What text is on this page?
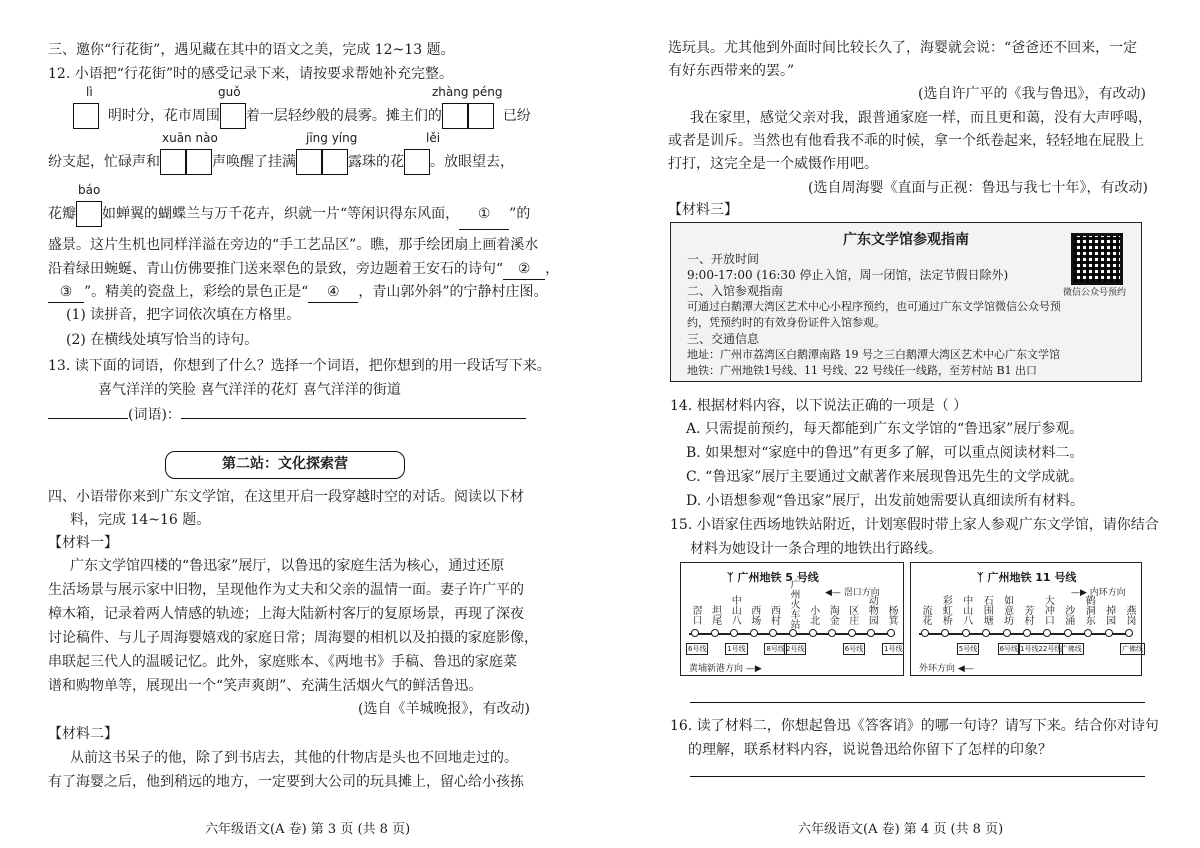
三、邀你“行花街”，遇见藏在其中的语文之美，完成 12~13 题。
12. 小语把“行花街”时的感受记录下来，请按要求帮她补充完整。
lì	guǒ	zhàng péng
明时分，花市周围 着一层轻纱般的晨雾。摊主们的	已纷
xuān nào	jīng yíng	lěi
纷支起，忙碌声和	声唤醒了挂满	露珠的花 。放眼望去，
báo
花瓣 如蝉翼的蝴蝶兰与万千花卉，织就一片“等闲识得东风面， ① ”的
盛景。这片生机也同样洋溢在旁边的“手工艺品区”。瞧，那手绘团扇上画着溪水
沿着绿田蜿蜒、青山仿佛要推门送来翠色的景致，旁边题着王安石的诗句“ ② ，
③ ”。精美的瓷盘上，彩绘的景色正是“ ④ ，青山郭外斜”的宁静村庄图。
(1) 读拼音，把字词依次填在方格里。
(2) 在横线处填写恰当的诗句。
13. 读下面的词语，你想到了什么？选择一个词语，把你想到的用一段话写下来。
喜气洋洋的笑脸 喜气洋洋的花灯 喜气洋洋的街道
(词语)：
第二站：文化探索营
四、小语带你来到广东文学馆，在这里开启一段穿越时空的对话。阅读以下材
料，完成 14~16 题。
【材料一】
广东文学馆四楼的“鲁迅家”展厅，以鲁迅的家庭生活为核心，通过还原
生活场景与展示家中旧物，呈现他作为丈夫和父亲的温情一面。妻子许广平的
樟木箱，记录着两人情感的轨迹；上海大陆新村客厅的复原场景，再现了深夜
讨论稿件、与儿子周海婴嬉戏的家庭日常；周海婴的相机以及拍摄的家庭影像，
串联起三代人的温暖记忆。此外，家庭账本、《两地书》手稿、鲁迅的家庭菜
谱和购物单等，展现出一个“笑声爽朗”、充满生活烟火气的鲜活鲁迅。
(选自《羊城晚报》，有改动)
【材料二】
从前这书呆子的他，除了到书店去，其他的什物店是头也不回地走过的。
有了海婴之后，他到稍远的地方，一定要到大公司的玩具摊上，留心给小孩拣
六年级语文(A 卷) 第 3 页 (共 8 页)
选玩具。尤其他到外面时间比较长久了，海婴就会说：“爸爸还不回来，一定
有好东西带来的罢。”
(选自许广平的《我与鲁迅》，有改动)
我在家里，感觉父亲对我，跟普通家庭一样，而且更和蔼，没有大声呼喝，
或者是训斥。当然也有他看我不乖的时候，拿一个纸卷起来，轻轻地在屁股上
打打，这完全是一个威慑作用吧。
(选自周海婴《直面与正视：鲁迅与我七十年》，有改动)
【材料三】
广东文学馆参观指南
一、开放时间
9:00-17:00 (16:30 停止入馆，周一闭馆，法定节假日除外)
二、入馆参观指南
可通过白鹅潭大湾区艺术中心小程序预约，也可通过广东文学馆微信公众号预
约，凭预约时的有效身份证件入馆参观。
三、交通信息
地址：广州市荔湾区白鹅潭南路 19 号之三白鹅潭大湾区艺术中心广东文学馆
地铁：广州地铁1号线、11 号线、22 号线任一线路，至芳村站 B1 出口
微信公众号预约
14. 根据材料内容，以下说法正确的一项是（ ）
A. 只需提前预约，每天都能到广东文学馆的“鲁迅家”展厅参观。
B. 如果想对“家庭中的鲁迅”有更多了解，可以重点阅读材料二。
C. “鲁迅家”展厅主要通过文献著作来展现鲁迅先生的文学成就。
D. 小语想参观“鲁迅家”展厅，出发前她需要认真细读所有材料。
15. 小语家住西场地铁站附近，计划寒假时带上家人参观广东文学馆，请你结合
材料为她设计一条合理的地铁出行路线。
ᛉ 广州地铁 5 号线
◀— 滘口方向
黄埔新港方向 —▶
滘口
6号线
坦尾 中山八
1号线
西场 西村
8号线
广州火车站
2号线
小北 淘金 区庄
6号线
动物园 杨箕
1号线
ᛉ 广州地铁 11 号线
—▶ 内环方向
外环方向 ◀—
流花 彩虹桥 中山八
5号线
石围塘 如意坊
6号线
芳村
1号线22号线
大冲口 沙涌
广佛线
鹤洞东 掉园 燕岗
广佛线
16. 读了材料二，你想起鲁迅《答客诮》的哪一句诗？请写下来。结合你对诗句
的理解，联系材料内容，说说鲁迅给你留下了怎样的印象？
六年级语文(A 卷) 第 4 页 (共 8 页)
